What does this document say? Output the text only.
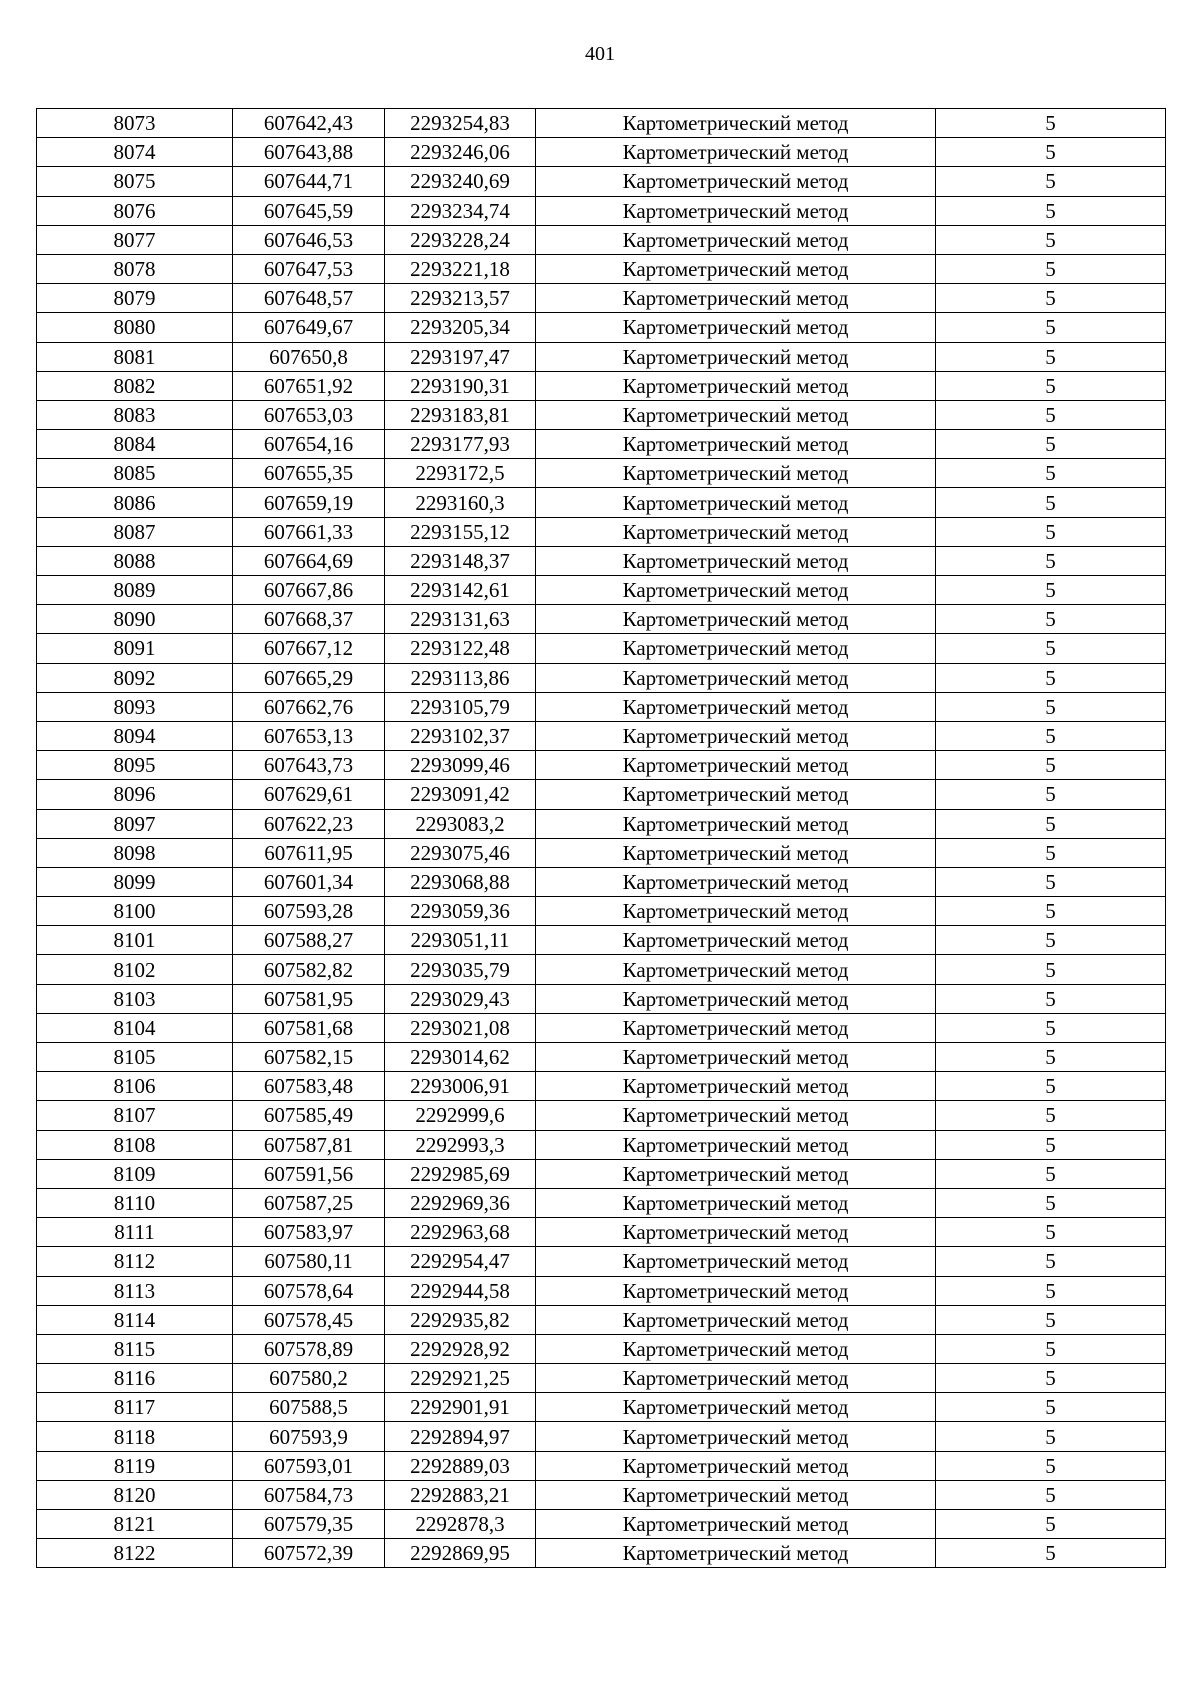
401
8073	607642,43	2293254,83	Картометрический метод	5
8074	607643,88	2293246,06	Картометрический метод	5
8075	607644,71	2293240,69	Картометрический метод	5
8076	607645,59	2293234,74	Картометрический метод	5
8077	607646,53	2293228,24	Картометрический метод	5
8078	607647,53	2293221,18	Картометрический метод	5
8079	607648,57	2293213,57	Картометрический метод	5
8080	607649,67	2293205,34	Картометрический метод	5
8081	607650,8	2293197,47	Картометрический метод	5
8082	607651,92	2293190,31	Картометрический метод	5
8083	607653,03	2293183,81	Картометрический метод	5
8084	607654,16	2293177,93	Картометрический метод	5
8085	607655,35	2293172,5	Картометрический метод	5
8086	607659,19	2293160,3	Картометрический метод	5
8087	607661,33	2293155,12	Картометрический метод	5
8088	607664,69	2293148,37	Картометрический метод	5
8089	607667,86	2293142,61	Картометрический метод	5
8090	607668,37	2293131,63	Картометрический метод	5
8091	607667,12	2293122,48	Картометрический метод	5
8092	607665,29	2293113,86	Картометрический метод	5
8093	607662,76	2293105,79	Картометрический метод	5
8094	607653,13	2293102,37	Картометрический метод	5
8095	607643,73	2293099,46	Картометрический метод	5
8096	607629,61	2293091,42	Картометрический метод	5
8097	607622,23	2293083,2	Картометрический метод	5
8098	607611,95	2293075,46	Картометрический метод	5
8099	607601,34	2293068,88	Картометрический метод	5
8100	607593,28	2293059,36	Картометрический метод	5
8101	607588,27	2293051,11	Картометрический метод	5
8102	607582,82	2293035,79	Картометрический метод	5
8103	607581,95	2293029,43	Картометрический метод	5
8104	607581,68	2293021,08	Картометрический метод	5
8105	607582,15	2293014,62	Картометрический метод	5
8106	607583,48	2293006,91	Картометрический метод	5
8107	607585,49	2292999,6	Картометрический метод	5
8108	607587,81	2292993,3	Картометрический метод	5
8109	607591,56	2292985,69	Картометрический метод	5
8110	607587,25	2292969,36	Картометрический метод	5
8111	607583,97	2292963,68	Картометрический метод	5
8112	607580,11	2292954,47	Картометрический метод	5
8113	607578,64	2292944,58	Картометрический метод	5
8114	607578,45	2292935,82	Картометрический метод	5
8115	607578,89	2292928,92	Картометрический метод	5
8116	607580,2	2292921,25	Картометрический метод	5
8117	607588,5	2292901,91	Картометрический метод	5
8118	607593,9	2292894,97	Картометрический метод	5
8119	607593,01	2292889,03	Картометрический метод	5
8120	607584,73	2292883,21	Картометрический метод	5
8121	607579,35	2292878,3	Картометрический метод	5
8122	607572,39	2292869,95	Картометрический метод	5
